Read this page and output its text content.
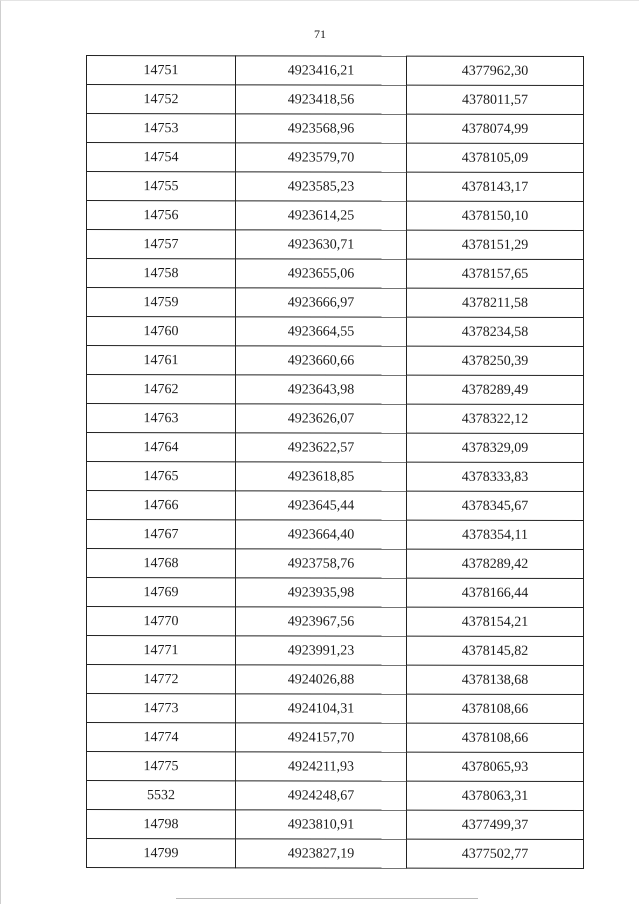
71
14751	4923416,21	4377962,30
14752	4923418,56	4378011,57
14753	4923568,96	4378074,99
14754	4923579,70	4378105,09
14755	4923585,23	4378143,17
14756	4923614,25	4378150,10
14757	4923630,71	4378151,29
14758	4923655,06	4378157,65
14759	4923666,97	4378211,58
14760	4923664,55	4378234,58
14761	4923660,66	4378250,39
14762	4923643,98	4378289,49
14763	4923626,07	4378322,12
14764	4923622,57	4378329,09
14765	4923618,85	4378333,83
14766	4923645,44	4378345,67
14767	4923664,40	4378354,11
14768	4923758,76	4378289,42
14769	4923935,98	4378166,44
14770	4923967,56	4378154,21
14771	4923991,23	4378145,82
14772	4924026,88	4378138,68
14773	4924104,31	4378108,66
14774	4924157,70	4378108,66
14775	4924211,93	4378065,93
5532	4924248,67	4378063,31
14798	4923810,91	4377499,37
14799	4923827,19	4377502,77
